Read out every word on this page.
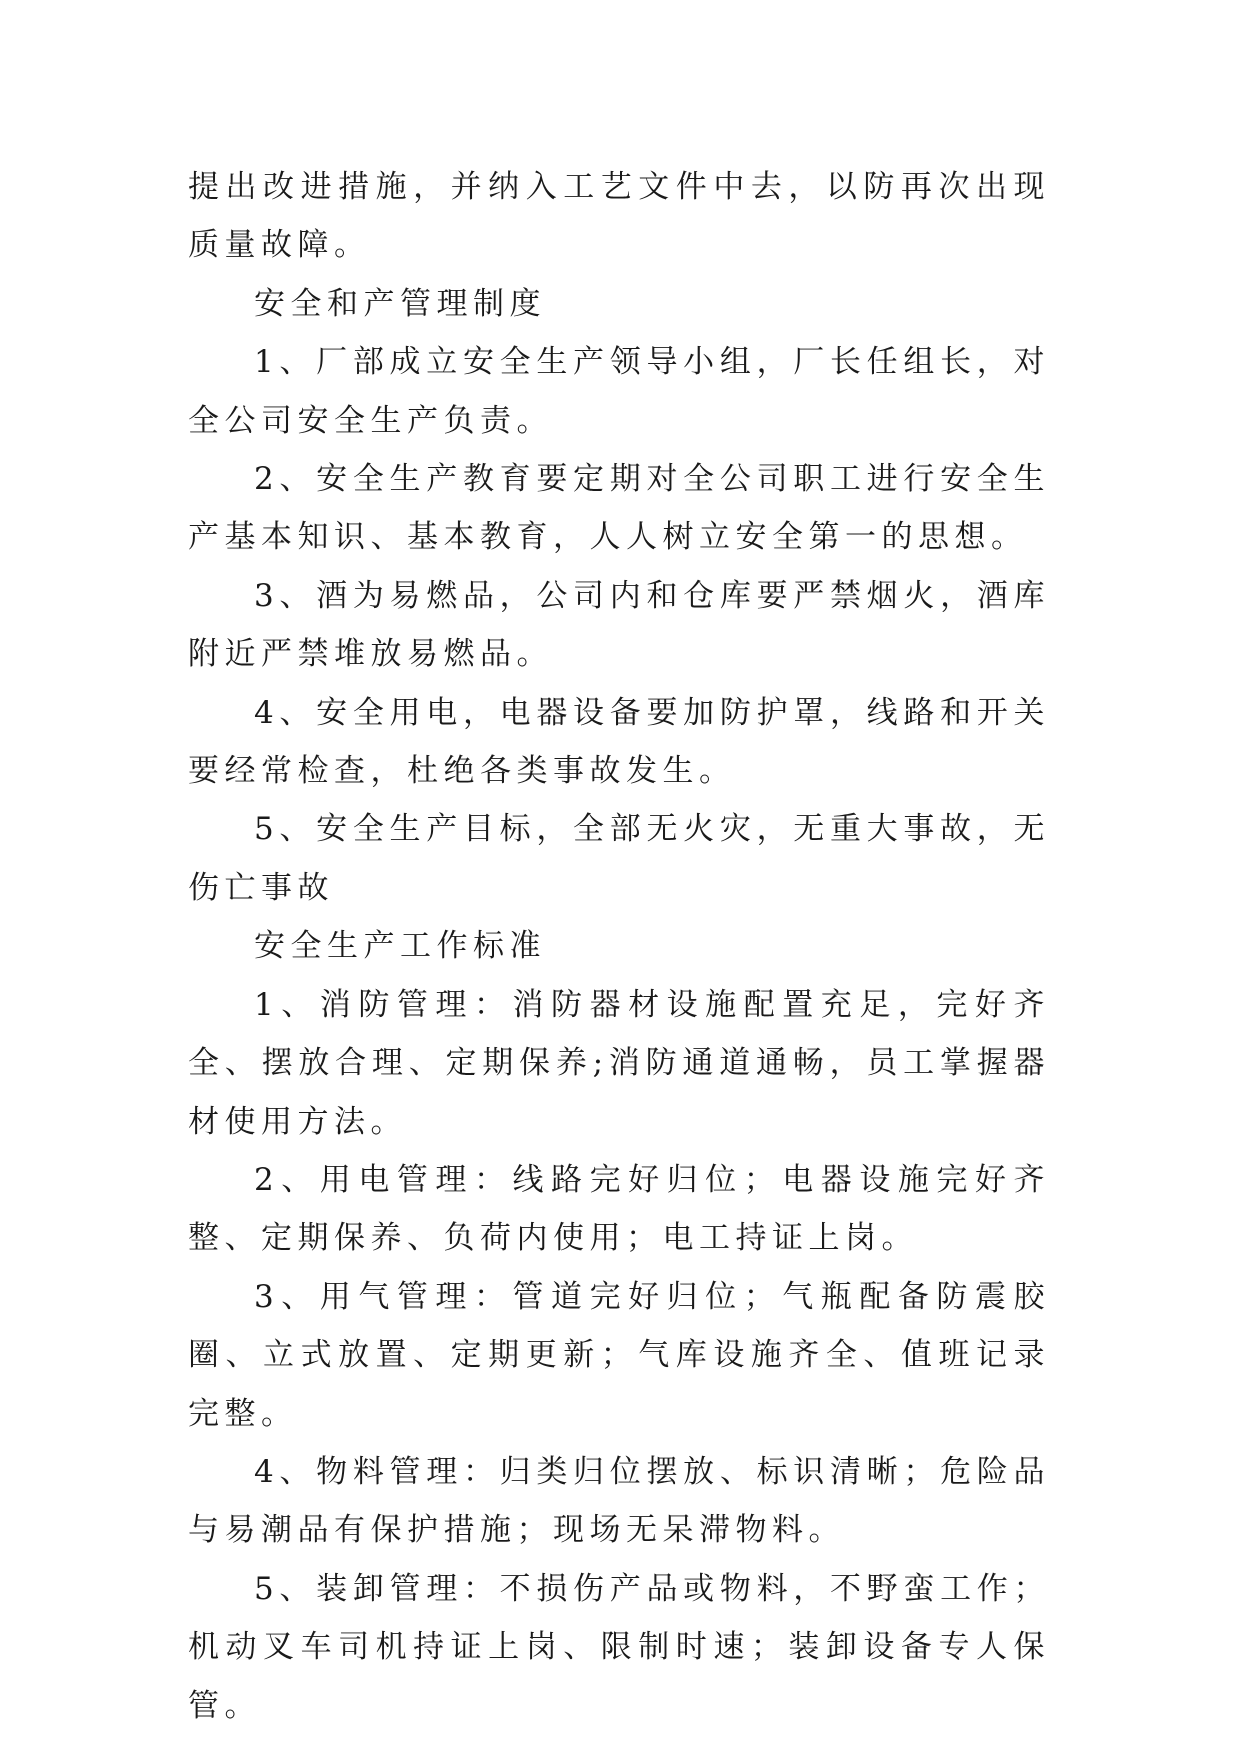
提出改进措施，并纳入工艺文件中去，以防再次出现质量故障。

安全和产管理制度

1、厂部成立安全生产领导小组，厂长任组长，对全公司安全生产负责。

2、安全生产教育要定期对全公司职工进行安全生产基本知识、基本教育，人人树立安全第一的思想。

3、酒为易燃品，公司内和仓库要严禁烟火，酒库附近严禁堆放易燃品。

4、安全用电，电器设备要加防护罩，线路和开关要经常检查，杜绝各类事故发生。

5、安全生产目标，全部无火灾，无重大事故，无伤亡事故

安全生产工作标准

1、消防管理：消防器材设施配置充足，完好齐全、摆放合理、定期保养;消防通道通畅，员工掌握器材使用方法。

2、用电管理：线路完好归位；电器设施完好齐整、定期保养、负荷内使用；电工持证上岗。

3、用气管理：管道完好归位；气瓶配备防震胶圈、立式放置、定期更新；气库设施齐全、值班记录完整。

4、物料管理：归类归位摆放、标识清晰；危险品与易潮品有保护措施；现场无呆滞物料。

5、装卸管理：不损伤产品或物料，不野蛮工作；机动叉车司机持证上岗、限制时速；装卸设备专人保管。
